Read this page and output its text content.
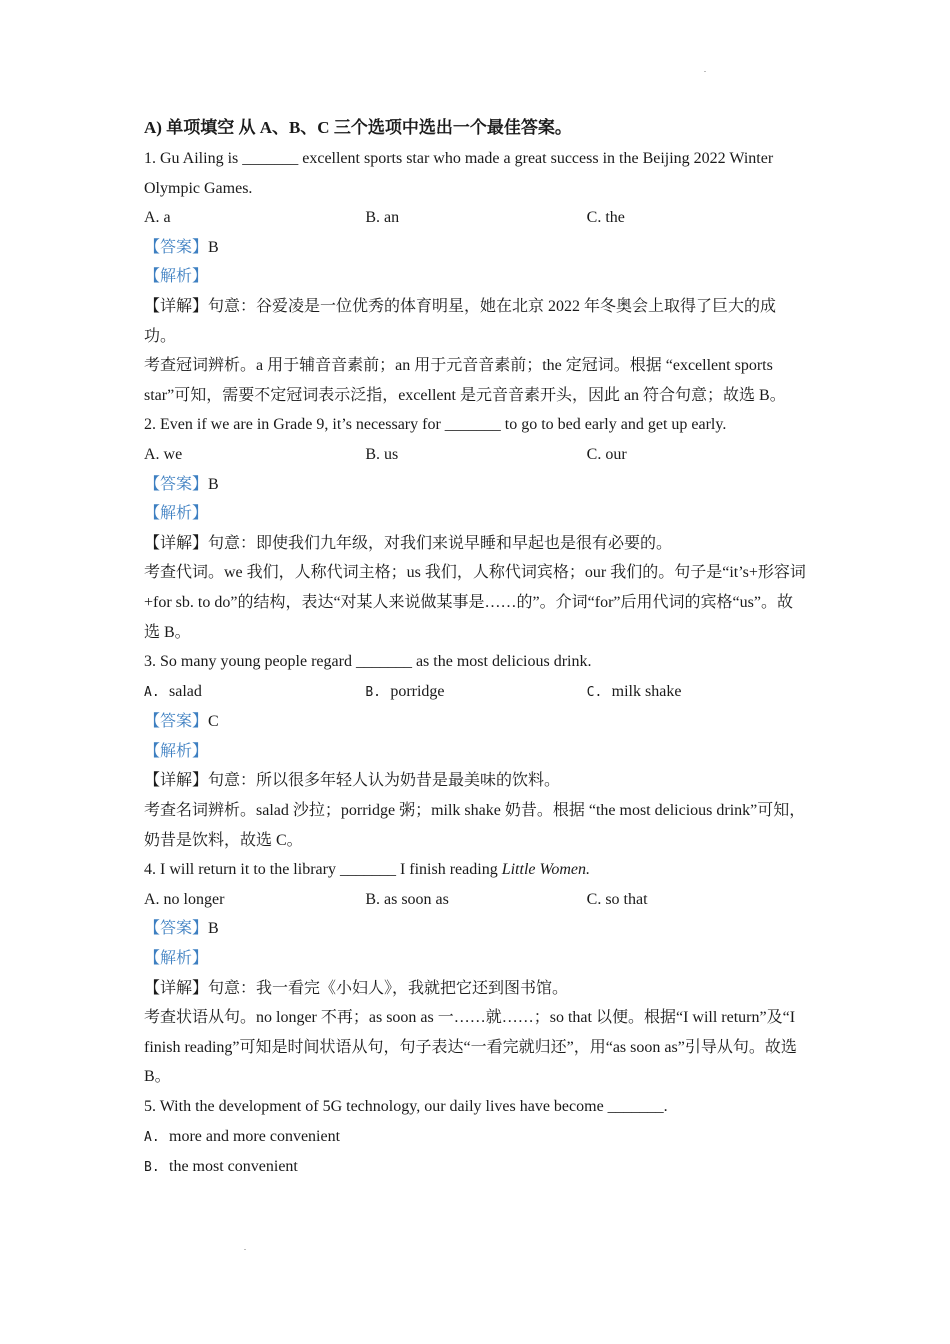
A) 单项填空 从 A、B、C 三个选项中选出一个最佳答案。
1. Gu Ailing is _______ excellent sports star who made a great success in the Beijing 2022 Winter Olympic Games.
A. a	B. an	C. the
【答案】B
【解析】
【详解】句意：谷爱凌是一位优秀的体育明星，她在北京 2022 年冬奥会上取得了巨大的成功。
考查冠词辨析。a 用于辅音音素前；an 用于元音音素前；the 定冠词。根据 “excellent sports star”可知，需要不定冠词表示泛指，excellent 是元音音素开头，因此 an 符合句意；故选 B。
2. Even if we are in Grade 9, it’s necessary for _______ to go to bed early and get up early.
A. we	B. us	C. our
【答案】B
【解析】
【详解】句意：即使我们九年级，对我们来说早睡和早起也是很有必要的。
考查代词。we 我们，人称代词主格；us 我们，人称代词宾格；our 我们的。句子是“it’s+形容词+for sb. to do”的结构，表达“对某人来说做某事是……的”。介词“for”后用代词的宾格“us”。故选 B。
3. So many young people regard _______ as the most delicious drink.
A. salad	B. porridge	C. milk shake
【答案】C
【解析】
【详解】句意：所以很多年轻人认为奶昔是最美味的饮料。
考查名词辨析。salad 沙拉；porridge 粥；milk shake 奶昔。根据 “the most delicious drink”可知，奶昔是饮料，故选 C。
4. I will return it to the library _______ I finish reading Little Women.
A. no longer	B. as soon as	C. so that
【答案】B
【解析】
【详解】句意：我一看完《小妇人》，我就把它还到图书馆。
考查状语从句。no longer 不再；as soon as 一……就……；so that 以便。根据“I will return”及“I finish reading”可知是时间状语从句，句子表达“一看完就归还”，用“as soon as”引导从句。故选 B。
5. With the development of 5G technology, our daily lives have become _______.
A. more and more convenient
B. the most convenient
